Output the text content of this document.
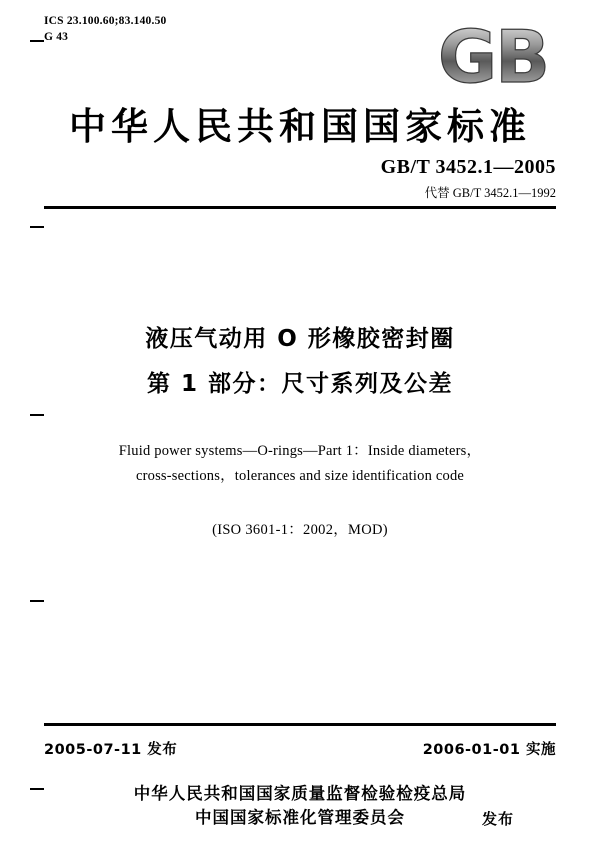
ICS 23.100.60;83.140.50
G 43	GB
中华人民共和国国家标准
GB/T 3452.1—2005
代替 GB/T 3452.1—1992
液压气动用 O 形橡胶密封圈
第 1 部分：尺寸系列及公差
Fluid power systems—O-rings—Part 1：Inside diameters，
cross-sections，tolerances and size identification code
(ISO 3601-1：2002，MOD)
2005-07-11 发布	2006-01-01 实施
中华人民共和国国家质量监督检验检疫总局
中国国家标准化管理委员会	发布
